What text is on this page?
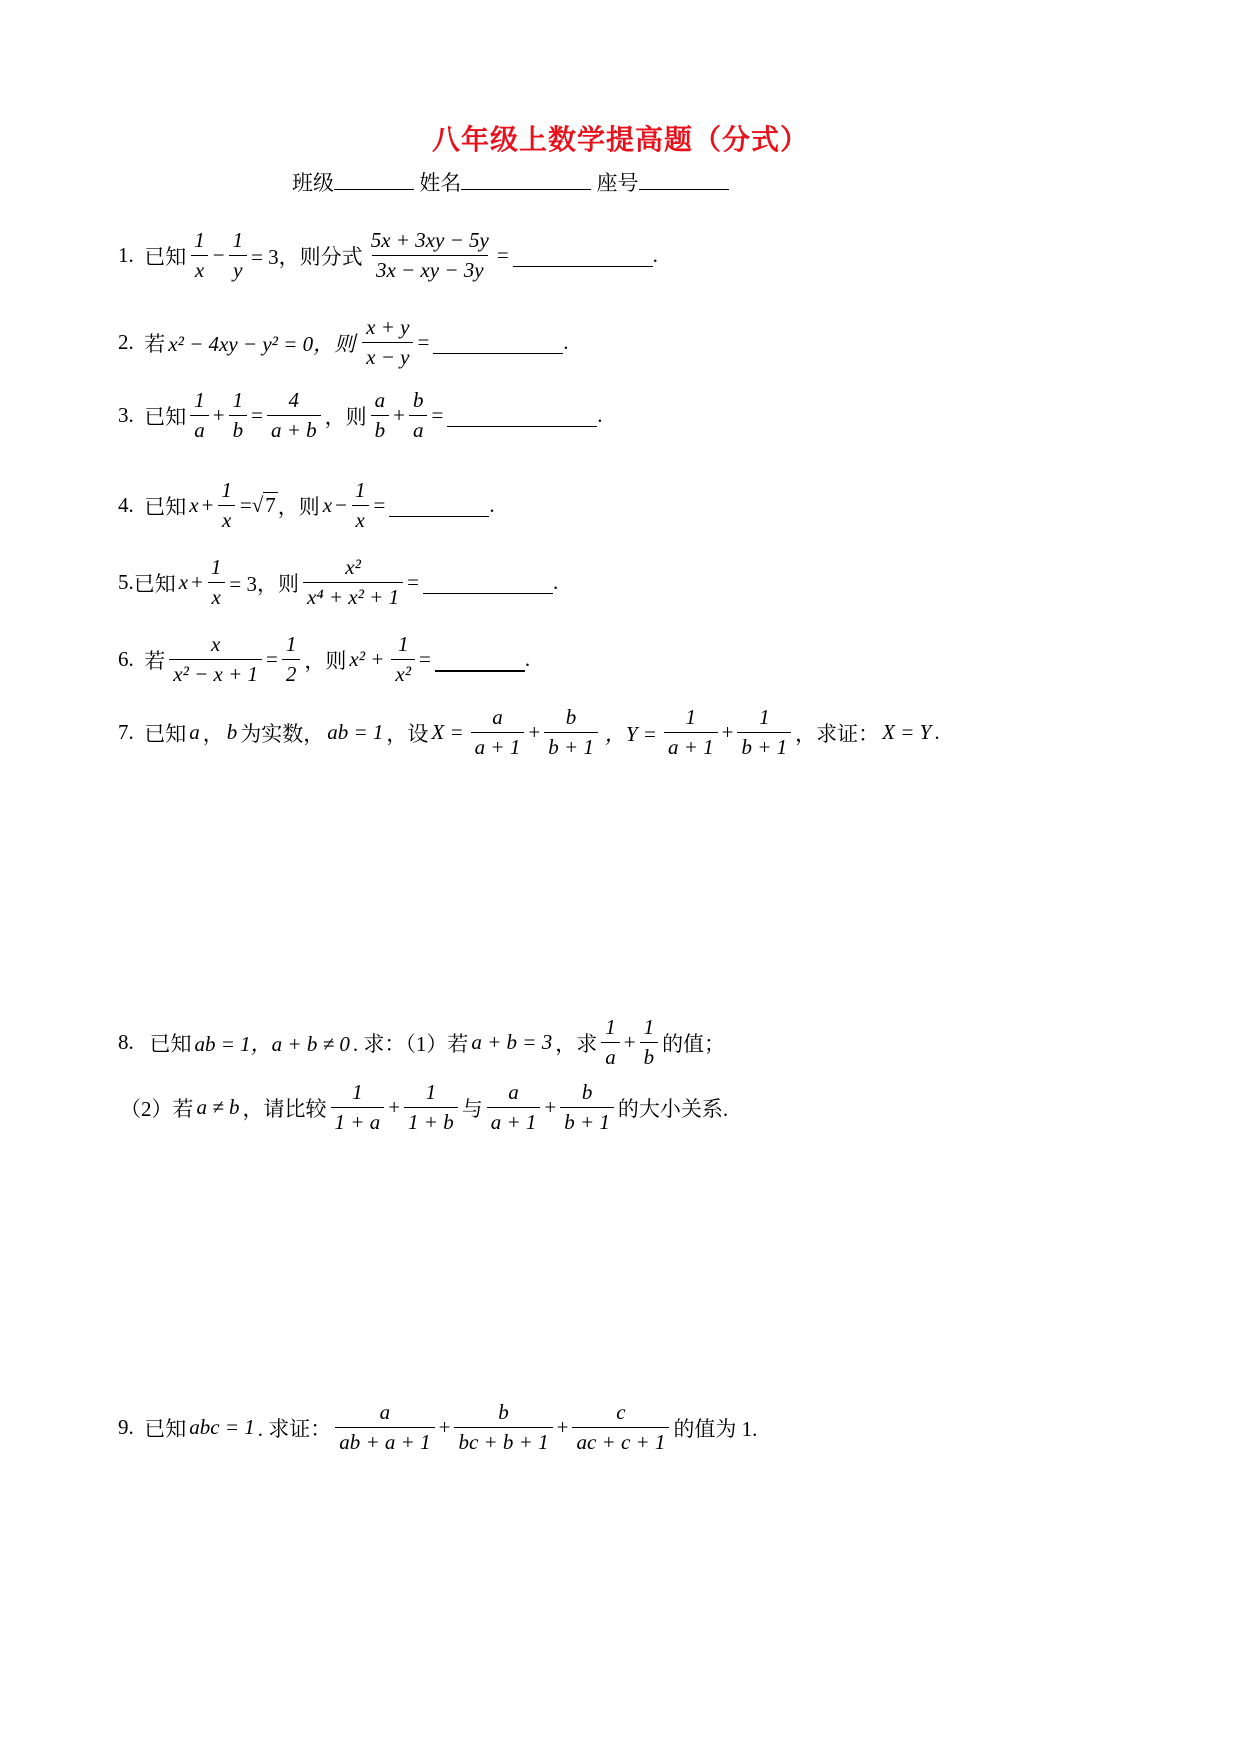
八年级上数学提高题（分式）
班级	姓名	座号
1.
已知 $\frac{1}{x} - \frac{1}{y} = 3$，则分式 $\frac{5x + 3xy - 5y}{3x - xy - 3y}$ =	.
2.
若 x² − 4xy − y² = 0，则 $\frac{x + y}{x - y}$ =	.
3.
已知 $\frac{1}{a} + \frac{1}{b} = \frac{4}{a + b}$ ，则 $\frac{a}{b} + \frac{b}{a}$ =	.
4.
已知 $x + \frac{1}{x} = √7$ ，则 $x - \frac{1}{x}$ =	.
5. 已知 $x + \frac{1}{x} = 3$，则 $\frac{\text{x²}}{\text{x⁴ + x² + 1}}$ =	.
6.
若 $\frac{x}{\text{x² − x + 1}} = \frac{1}{2}$ ，则 $x^2 + \frac{1}{\text{x²}}$ =	.
7.
已知 a ， b 为实数， ab = 1 ，设 $X = \frac{a}{a + 1} + \frac{b}{b + 1}$ ，$Y = \frac{1}{a + 1} + \frac{1}{b + 1}$ ，求证： X = Y .
8.
已知 ab = 1，a + b ≠ 0 . 求：（1）若 a + b = 3 ，求 $\frac{1}{a} + \frac{1}{b}$ 的值；
（2）若 a ≠ b ，请比较 $\frac{1}{1 + a} + \frac{1}{1 + b}$ 与 $\frac{a}{a + 1} + \frac{b}{b + 1}$ 的大小关系.
9.
已知 abc = 1 . 求证： $\frac{a}{ab + a + 1} + \frac{b}{bc + b + 1} + \frac{c}{ac + c + 1}$ 的值为 1.
